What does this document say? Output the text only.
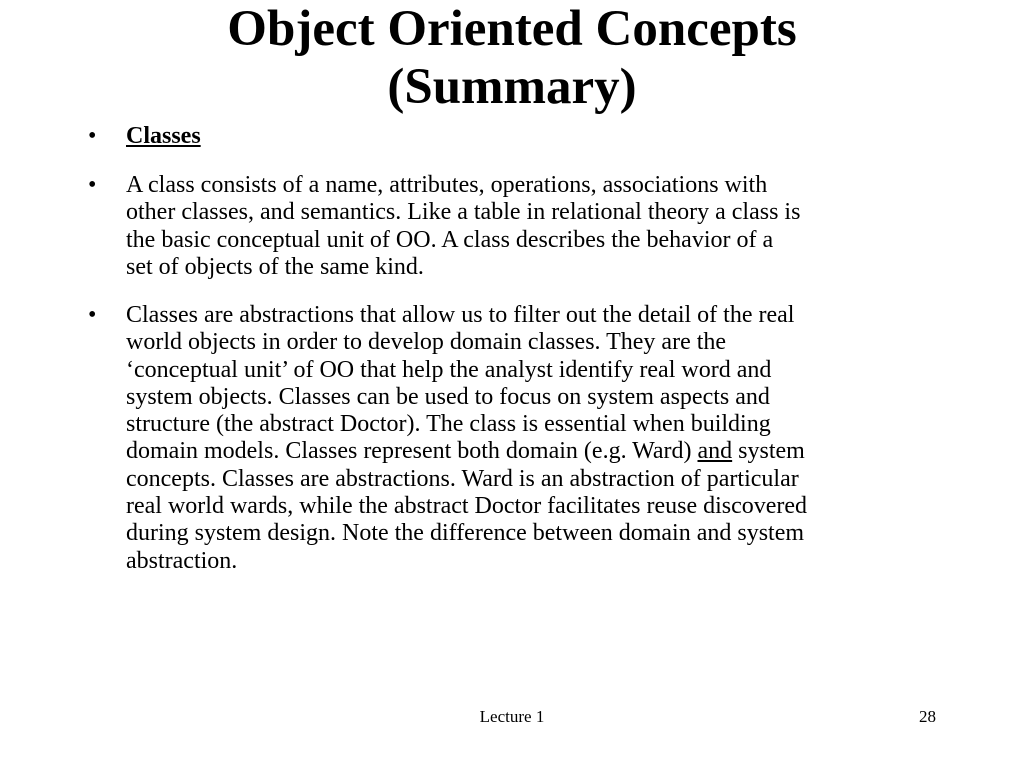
Object Oriented Concepts
(Summary)
•	Classes
•	A class consists of a name, attributes, operations, associations with
other classes, and semantics. Like a table in relational theory a class is
the basic conceptual unit of OO. A class describes the behavior of a
set of objects of the same kind.
•	Classes are abstractions that allow us to filter out the detail of the real
world objects in order to develop domain classes. They are the
‘conceptual unit’ of OO that help the analyst identify real word and
system objects. Classes can be used to focus on system aspects and
structure (the abstract Doctor). The class is essential when building
domain models. Classes represent both domain (e.g. Ward) and system
concepts. Classes are abstractions. Ward is an abstraction of particular
real world wards, while the abstract Doctor facilitates reuse discovered
during system design. Note the difference between domain and system
abstraction.
Lecture 1	28
